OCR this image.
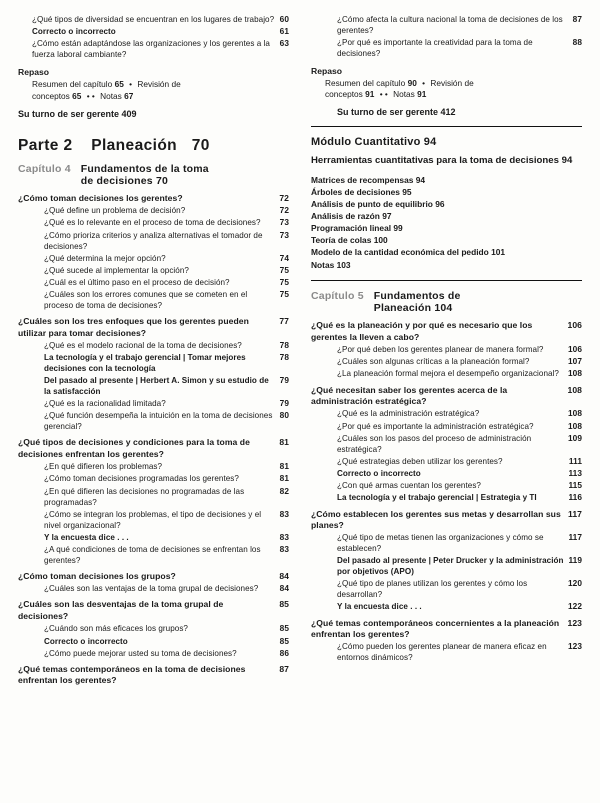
¿Qué tipos de diversidad se encuentran en los lugares de trabajo? 60
Correcto o incorrecto	61
¿Cómo están adaptándose las organizaciones y los gerentes a la fuerza laboral cambiante?
63
Repaso
Resumen del capítulo 65 • Revisión de
conceptos 65 • • Notas 67
Su turno de ser gerente 409
Parte 2 Planeación 70
Capítulo 4 Fundamentos de la toma
de decisiones 70
¿Cómo toman decisiones los gerentes?	72
¿Qué define un problema de decisión?	72
¿Qué es lo relevante en el proceso de toma de decisiones?	73
¿Cómo prioriza criterios y analiza alternativas el tomador de decisiones?
73
¿Qué determina la mejor opción?	74
¿Qué sucede al implementar la opción?	75
¿Cuál es el último paso en el proceso de decisión?	75
¿Cuáles son los errores comunes que se cometen en el proceso de toma de decisiones?
75
¿Cuáles son los tres enfoques que los gerentes pueden utilizar para tomar decisiones?
77
¿Qué es el modelo racional de la toma de decisiones?	78
La tecnología y el trabajo gerencial | Tomar mejores decisiones con la tecnología
78
Del pasado al presente | Herbert A. Simon y su estudio de la satisfacción
79
¿Qué es la racionalidad limitada?	79
¿Qué función desempeña la intuición en la toma de decisiones gerencial?
80
¿Qué tipos de decisiones y condiciones para la toma de decisiones enfrentan los gerentes?
81
¿En qué difieren los problemas?	81
¿Cómo toman decisiones programadas los gerentes?	81
¿En qué difieren las decisiones no programadas de las programadas?
82
¿Cómo se integran los problemas, el tipo de decisiones y el nivel organizacional?
83
Y la encuesta dice . . .	83
¿A qué condiciones de toma de decisiones se enfrentan los gerentes?
83
¿Cómo toman decisiones los grupos?	84
¿Cuáles son las ventajas de la toma grupal de decisiones?	84
¿Cuáles son las desventajas de la toma grupal de decisiones?
85
¿Cuándo son más eficaces los grupos?	85
Correcto o incorrecto	85
¿Cómo puede mejorar usted su toma de decisiones?	86
¿Qué temas contemporáneos en la toma de decisiones enfrentan los gerentes?
87
¿Cómo afecta la cultura nacional la toma de decisiones de los gerentes?
87
¿Por qué es importante la creatividad para la toma de decisiones?
88
Repaso
Resumen del capítulo 90 • Revisión de
conceptos 91 • • Notas 91
Su turno de ser gerente 412
Módulo Cuantitativo 94
Herramientas cuantitativas para la toma de decisiones 94
Matrices de recompensas 94
Árboles de decisiones 95
Análisis de punto de equilibrio 96
Análisis de razón 97
Programación lineal 99
Teoría de colas 100
Modelo de la cantidad económica del pedido 101
Notas 103
Capítulo 5 Fundamentos de
Planeación 104
¿Qué es la planeación y por qué es necesario que los gerentes la lleven a cabo?
106
¿Por qué deben los gerentes planear de manera formal?	106
¿Cuáles son algunas críticas a la planeación formal?	107
¿La planeación formal mejora el desempeño organizacional?	108
¿Qué necesitan saber los gerentes acerca de la administración estratégica?
108
¿Qué es la administración estratégica?	108
¿Por qué es importante la administración estratégica?	108
¿Cuáles son los pasos del proceso de administración estratégica?
109
¿Qué estrategias deben utilizar los gerentes?	111
Correcto o incorrecto	113
¿Con qué armas cuentan los gerentes?	115
La tecnología y el trabajo gerencial | Estrategia y TI	116
¿Cómo establecen los gerentes sus metas y desarrollan sus planes?
117
¿Qué tipo de metas tienen las organizaciones y cómo se establecen?
117
Del pasado al presente | Peter Drucker y la administración por objetivos (APO)
119
¿Qué tipo de planes utilizan los gerentes y cómo los desarrollan?
120
Y la encuesta dice . . .	122
¿Qué temas contemporáneos concernientes a la planeación enfrentan los gerentes?
123
¿Cómo pueden los gerentes planear de manera eficaz en entornos dinámicos?
123
